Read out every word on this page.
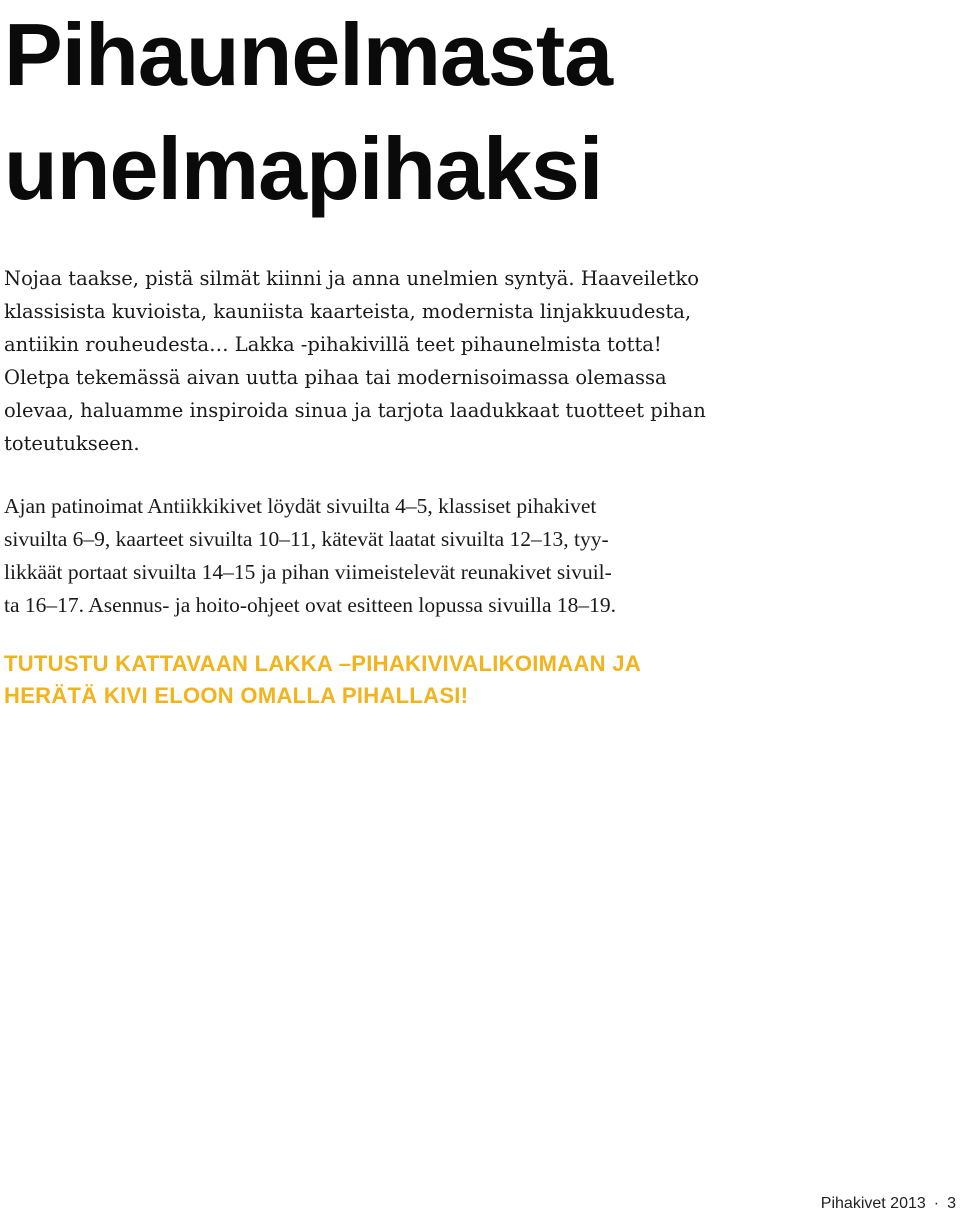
Pihaunelmasta
unelmapihaksi

Nojaa taakse, pistä silmät kiinni ja anna unelmien syntyä. Haaveiletko
klassisista kuvioista, kauniista kaarteista, modernista linjakkuudesta,
antiikin rouheudesta… Lakka -pihakivillä teet pihaunelmista totta!
Oletpa tekemässä aivan uutta pihaa tai modernisoimassa olemassa
olevaa, haluamme inspiroida sinua ja tarjota laadukkaat tuotteet pihan
toteutukseen.

Ajan patinoimat Antiikkikivet löydät sivuilta 4–5, klassiset pihakivet
sivuilta 6–9, kaarteet sivuilta 10–11, kätevät laatat sivuilta 12–13, tyy-
likkäät portaat sivuilta 14–15 ja pihan viimeistelevät reunakivet sivuil-
ta 16–17. Asennus- ja hoito-ohjeet ovat esitteen lopussa sivuilla 18–19.

TUTUSTU KATTAVAAN LAKKA –PIHAKIVIVALIKOIMAAN JA
HERÄTÄ KIVI ELOON OMALLA PIHALLASI!

Pihakivet 2013 · 3
